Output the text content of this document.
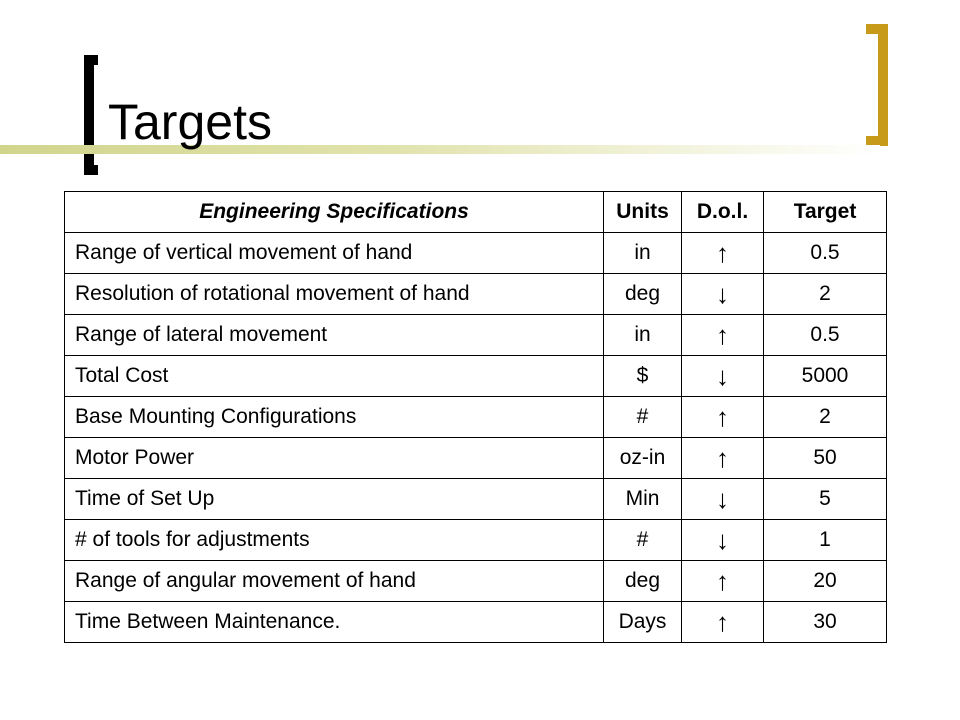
Targets
Engineering Specifications	Units	D.o.l.	Target
Range of vertical movement of hand	in	↑	0.5
Resolution of rotational movement of hand	deg	↓	2
Range of lateral movement	in	↑	0.5
Total Cost	$	↓	5000
Base Mounting Configurations	#	↑	2
Motor Power	oz-in	↑	50
Time of Set Up	Min	↓	5
# of tools for adjustments	#	↓	1
Range of angular movement of hand	deg	↑	20
Time Between Maintenance.	Days	↑	30
